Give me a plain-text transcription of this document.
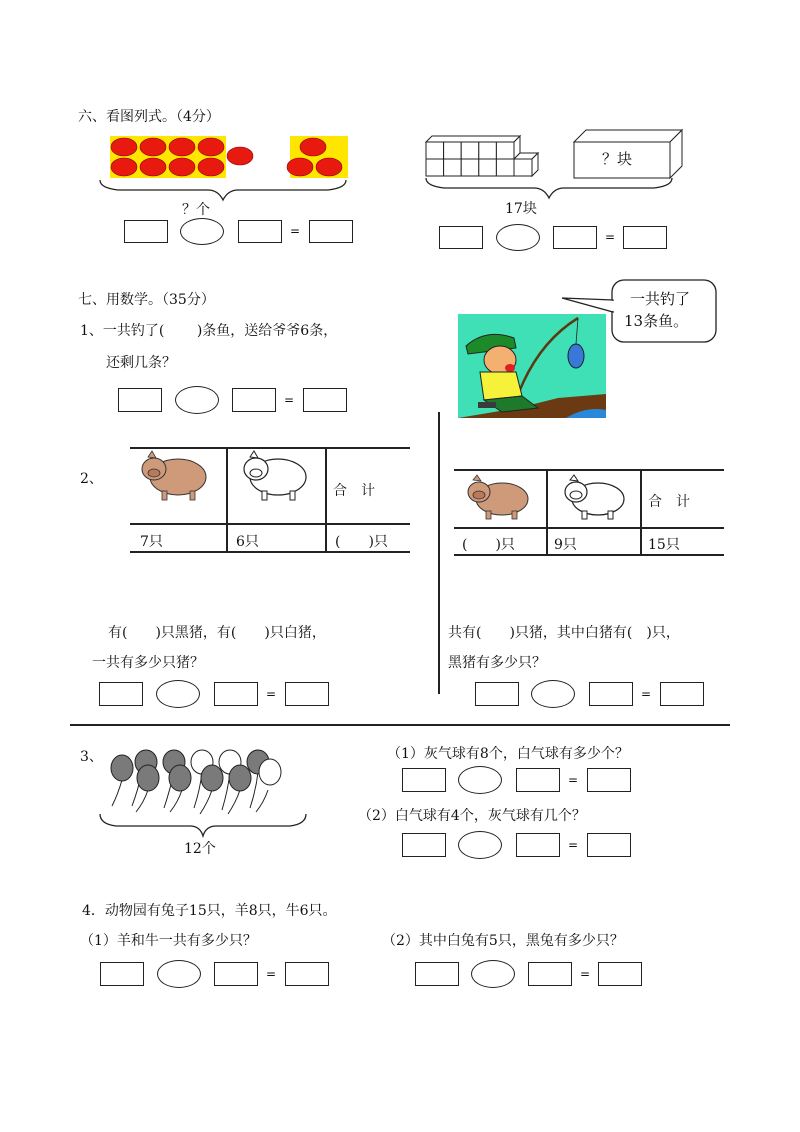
六、看图列式。（4分）
？个
=
？块
17块
=
七、用数学。（35分）
1、一共钓了(　　 )条鱼，送给爷爷6条，
还剩几条？
=
一共钓了
13条鱼。
2、
合　计
7只	6只	(　　)只
合　计
(　　)只	9只	15只
有(　　)只黑猪，有(　　)只白猪，
一共有多少只猪？
共有(　　)只猪，其中白猪有(　)只，
黑猪有多少只？
=	=
3、
12个
（1）灰气球有8个，白气球有多少个？
=
（2）白气球有4个，灰气球有几个？
=
4．动物园有兔子15只，羊8只，牛6只。
（1）羊和牛一共有多少只？	（2）其中白兔有5只，黑兔有多少只？
=	=
